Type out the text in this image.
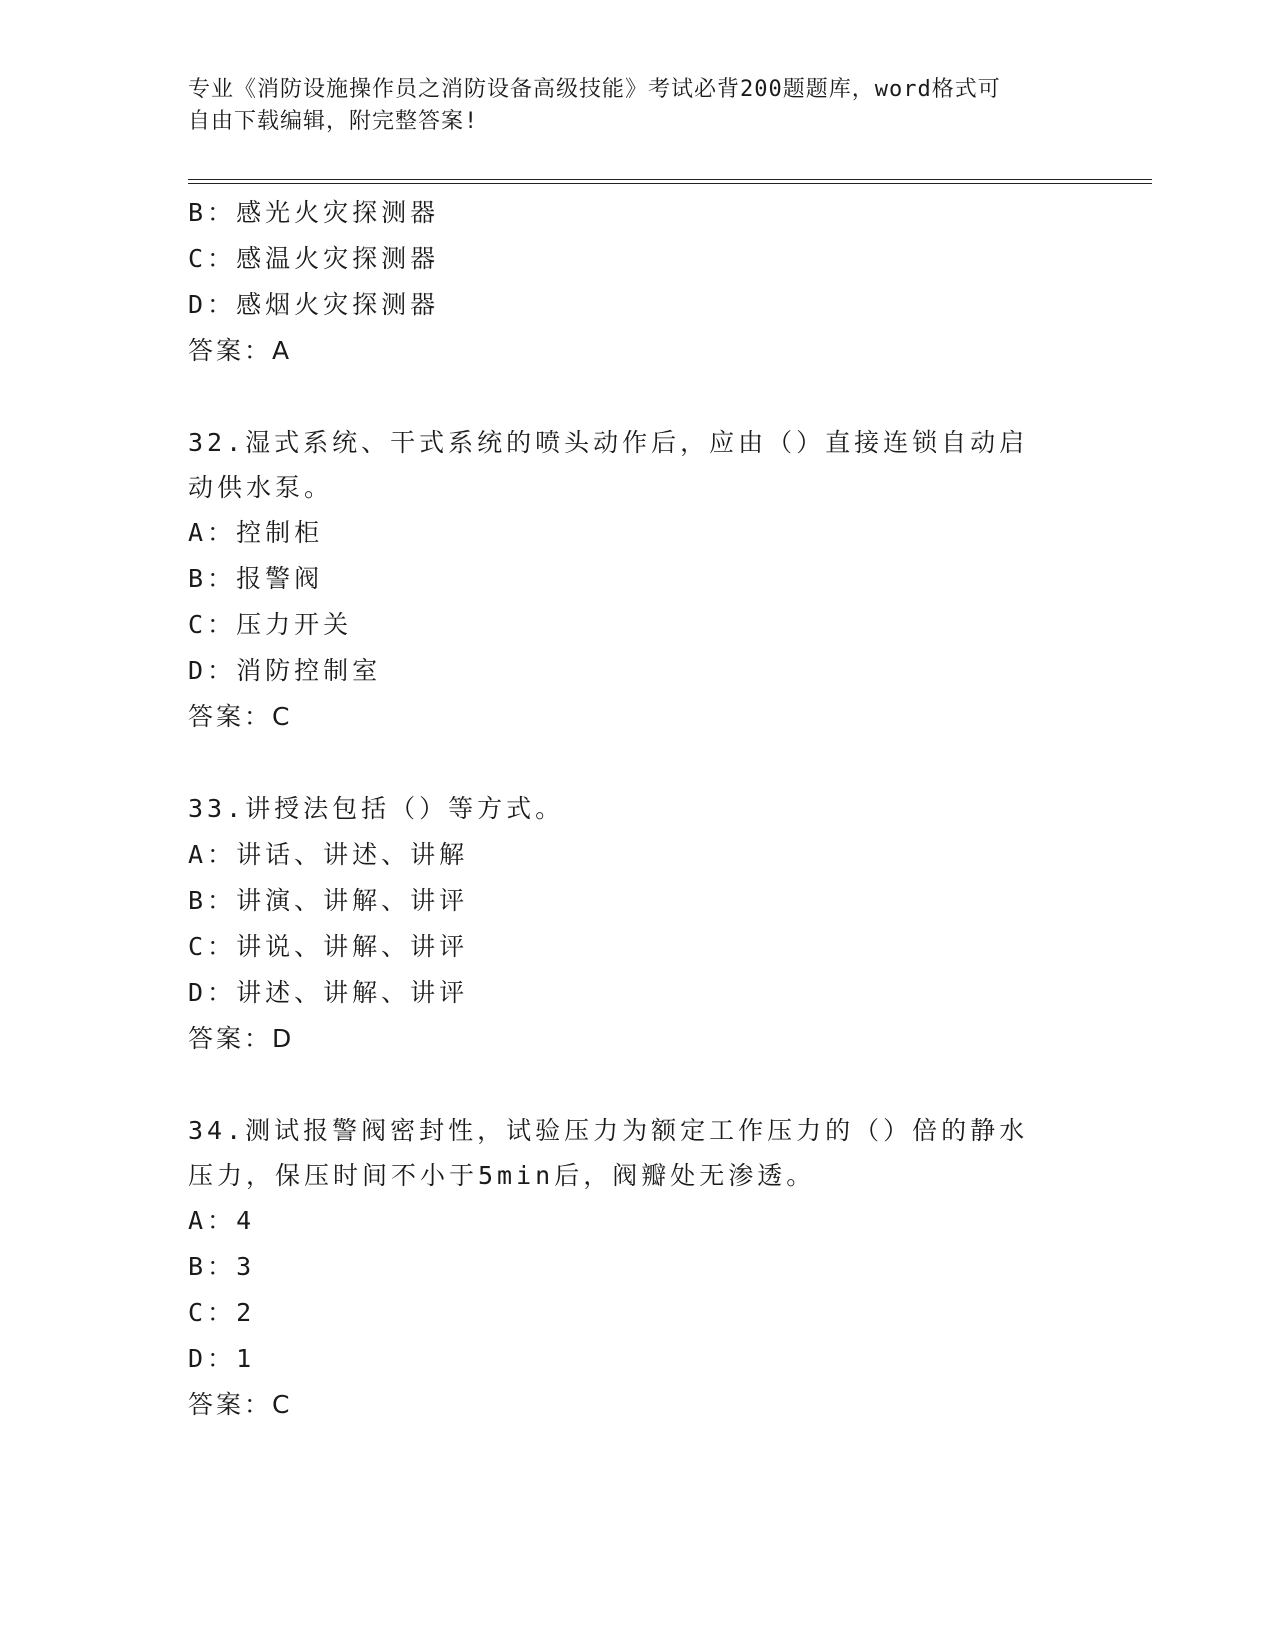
专业《消防设施操作员之消防设备高级技能》考试必背200题题库，word格式可
自由下载编辑，附完整答案!
B：感光火灾探测器
C：感温火灾探测器
D：感烟火灾探测器
答案：A
32.湿式系统、干式系统的喷头动作后，应由（）直接连锁自动启动供水泵。
A：控制柜
B：报警阀
C：压力开关
D：消防控制室
答案：C
33.讲授法包括（）等方式。
A：讲话、讲述、讲解
B：讲演、讲解、讲评
C：讲说、讲解、讲评
D：讲述、讲解、讲评
答案：D
34.测试报警阀密封性，试验压力为额定工作压力的（）倍的静水压力，保压时间不小于5min后，阀瓣处无渗透。
A：4
B：3
C：2
D：1
答案：C
